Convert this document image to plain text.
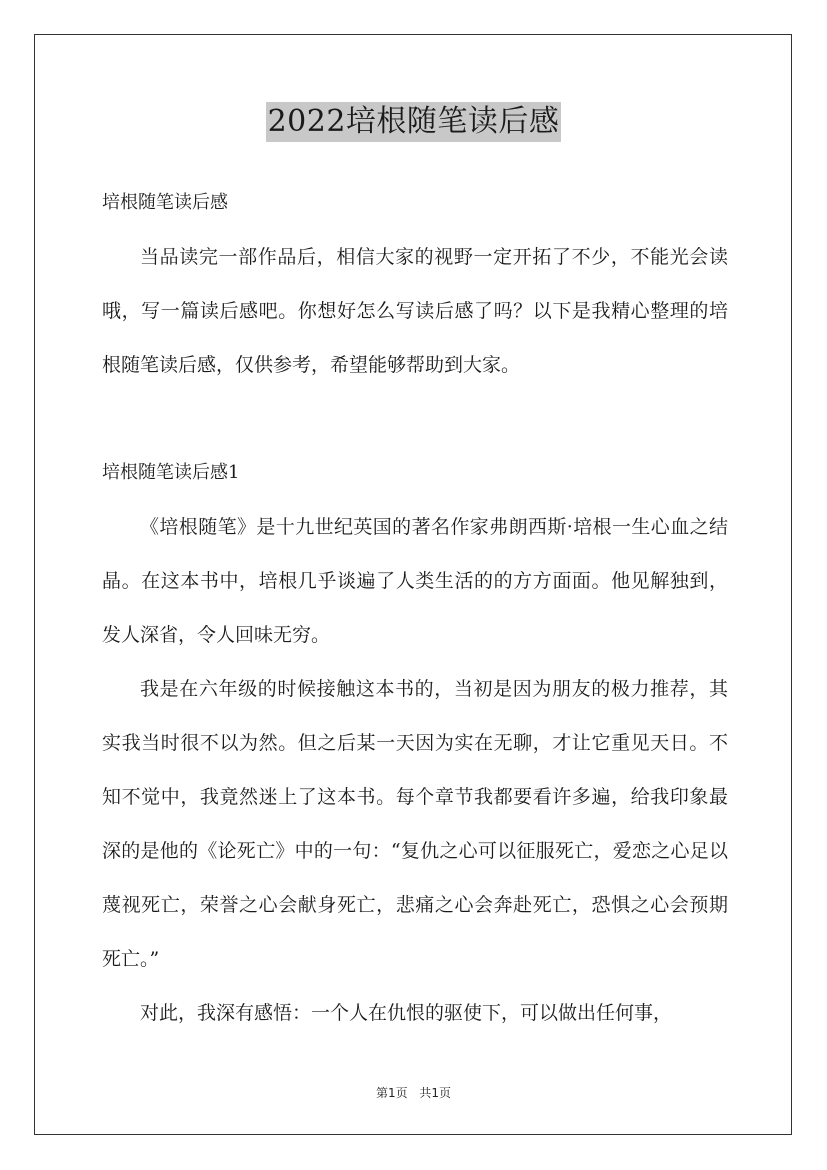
2022培根随笔读后感

培根随笔读后感

当品读完一部作品后，相信大家的视野一定开拓了不少，不能光会读哦，写一篇读后感吧。你想好怎么写读后感了吗？以下是我精心整理的培根随笔读后感，仅供参考，希望能够帮助到大家。

培根随笔读后感1

《培根随笔》是十九世纪英国的著名作家弗朗西斯·培根一生心血之结晶。在这本书中，培根几乎谈遍了人类生活的的方方面面。他见解独到，发人深省，令人回味无穷。

我是在六年级的时候接触这本书的，当初是因为朋友的极力推荐，其实我当时很不以为然。但之后某一天因为实在无聊，才让它重见天日。不知不觉中，我竟然迷上了这本书。每个章节我都要看许多遍，给我印象最深的是他的《论死亡》中的一句：“复仇之心可以征服死亡，爱恋之心足以蔑视死亡，荣誉之心会献身死亡，悲痛之心会奔赴死亡，恐惧之心会预期死亡。”

对此，我深有感悟：一个人在仇恨的驱使下，可以做出任何事，

第1页 共1页
